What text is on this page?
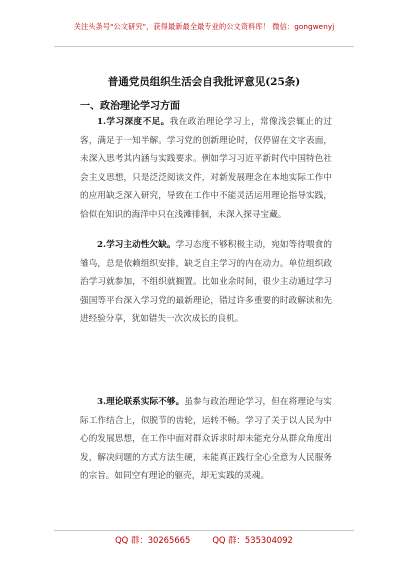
关注头条号"公文研究"，获得最新最全最专业的公文资料库！ 微信：gongwenyj
普通党员组织生活会自我批评意见(25条)
一、政治理论学习方面

1.学习深度不足。我在政治理论学习上，常像浅尝辄止的过客，满足于一知半解。学习党的创新理论时，仅停留在文字表面，未深入思考其内涵与实践要求。例如学习习近平新时代中国特色社会主义思想，只是泛泛阅读文件，对新发展理念在本地实际工作中的应用缺乏深入研究，导致在工作中不能灵活运用理论指导实践，恰似在知识的海洋中只在浅滩徘徊，未深入探寻宝藏。

2.学习主动性欠缺。学习态度不够积极主动，宛如等待喂食的雏鸟，总是依赖组织安排，缺乏自主学习的内在动力。单位组织政治学习就参加，不组织就搁置。比如业余时间，很少主动通过学习强国等平台深入学习党的最新理论，错过许多重要的时政解读和先进经验分享，犹如错失一次次成长的良机。

3.理论联系实际不够。虽参与政治理论学习，但在将理论与实际工作结合上，似脱节的齿轮，运转不畅。学习了关于以人民为中心的发展思想，在工作中面对群众诉求时却未能充分从群众角度出发，解决问题的方式方法生硬，未能真正践行全心全意为人民服务的宗旨。如同空有理论的躯壳，却无实践的灵魂。

QQ 群：30265665	QQ 群：535304092
